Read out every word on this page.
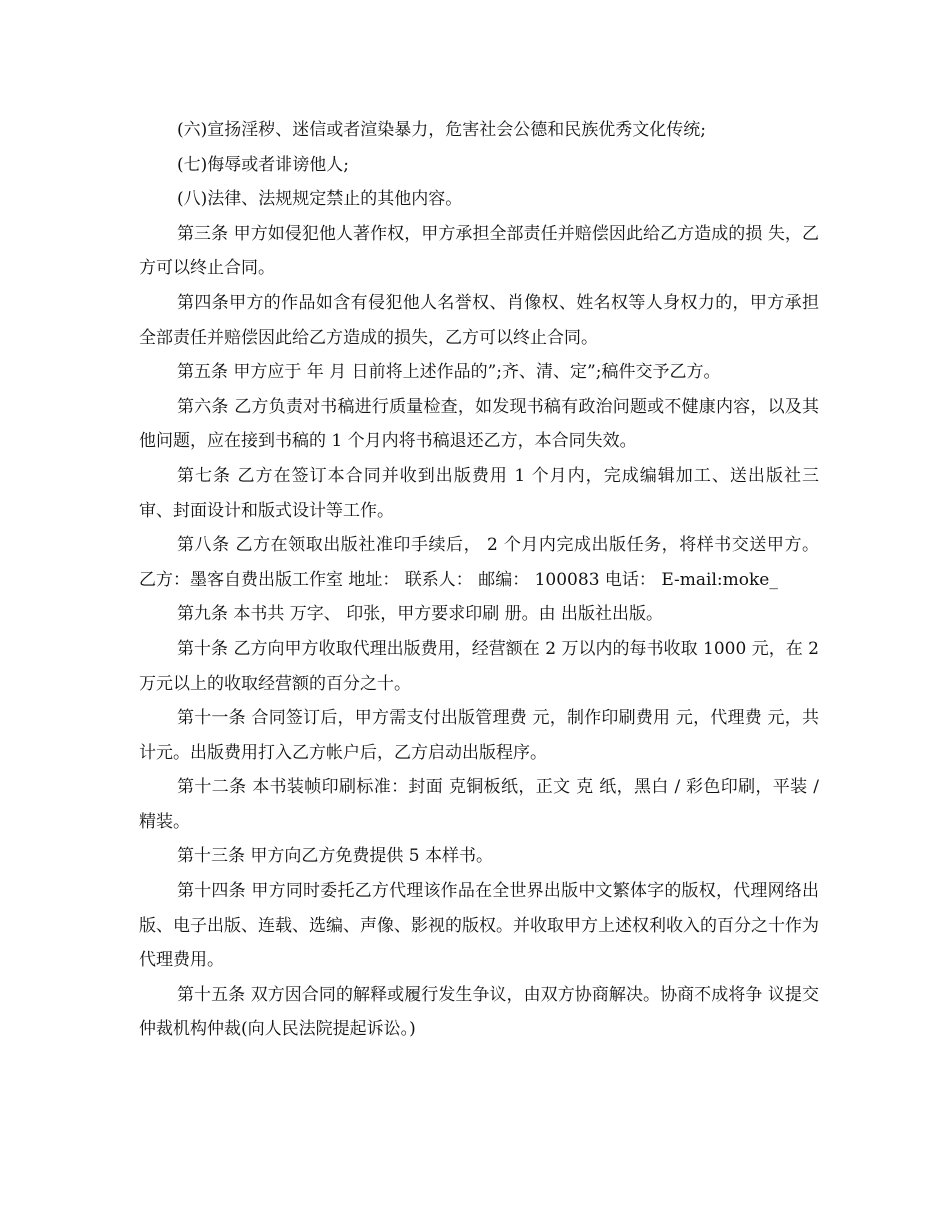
(六)宣扬淫秽、迷信或者渲染暴力，危害社会公德和民族优秀文化传统;

(七)侮辱或者诽谤他人;

(八)法律、法规规定禁止的其他内容。

第三条 甲方如侵犯他人著作权，甲方承担全部责任并赔偿因此给乙方造成的损 失，乙方可以终止合同。

第四条甲方的作品如含有侵犯他人名誉权、肖像权、姓名权等人身权力的，甲方承担全部责任并赔偿因此给乙方造成的损失，乙方可以终止合同。

第五条 甲方应于 年 月 日前将上述作品的”;齐、清、定”;稿件交予乙方。

第六条 乙方负责对书稿进行质量检查，如发现书稿有政治问题或不健康内容，以及其他问题，应在接到书稿的 1 个月内将书稿退还乙方，本合同失效。

第七条 乙方在签订本合同并收到出版费用 1 个月内，完成编辑加工、送出版社三 审、封面设计和版式设计等工作。

第八条 乙方在领取出版社准印手续后， 2 个月内完成出版任务，将样书交送甲方。 乙方：墨客自费出版工作室 地址： 联系人： 邮编： 100083 电话： E-mail:moke_

第九条 本书共 万字、 印张，甲方要求印刷 册。由 出版社出版。

第十条 乙方向甲方收取代理出版费用，经营额在 2 万以内的每书收取 1000 元，在 2 万元以上的收取经营额的百分之十。

第十一条 合同签订后，甲方需支付出版管理费 元，制作印刷费用 元，代理费 元，共计元。出版费用打入乙方帐户后，乙方启动出版程序。

第十二条 本书装帧印刷标准：封面 克铜板纸，正文 克 纸，黑白 / 彩色印刷，平装 / 精装。

第十三条 甲方向乙方免费提供 5 本样书。

第十四条 甲方同时委托乙方代理该作品在全世界出版中文繁体字的版权，代理网络出版、电子出版、连载、选编、声像、影视的版权。并收取甲方上述权利收入的百分之十作为代理费用。

第十五条 双方因合同的解释或履行发生争议，由双方协商解决。协商不成将争 议提交仲裁机构仲裁(向人民法院提起诉讼。)
